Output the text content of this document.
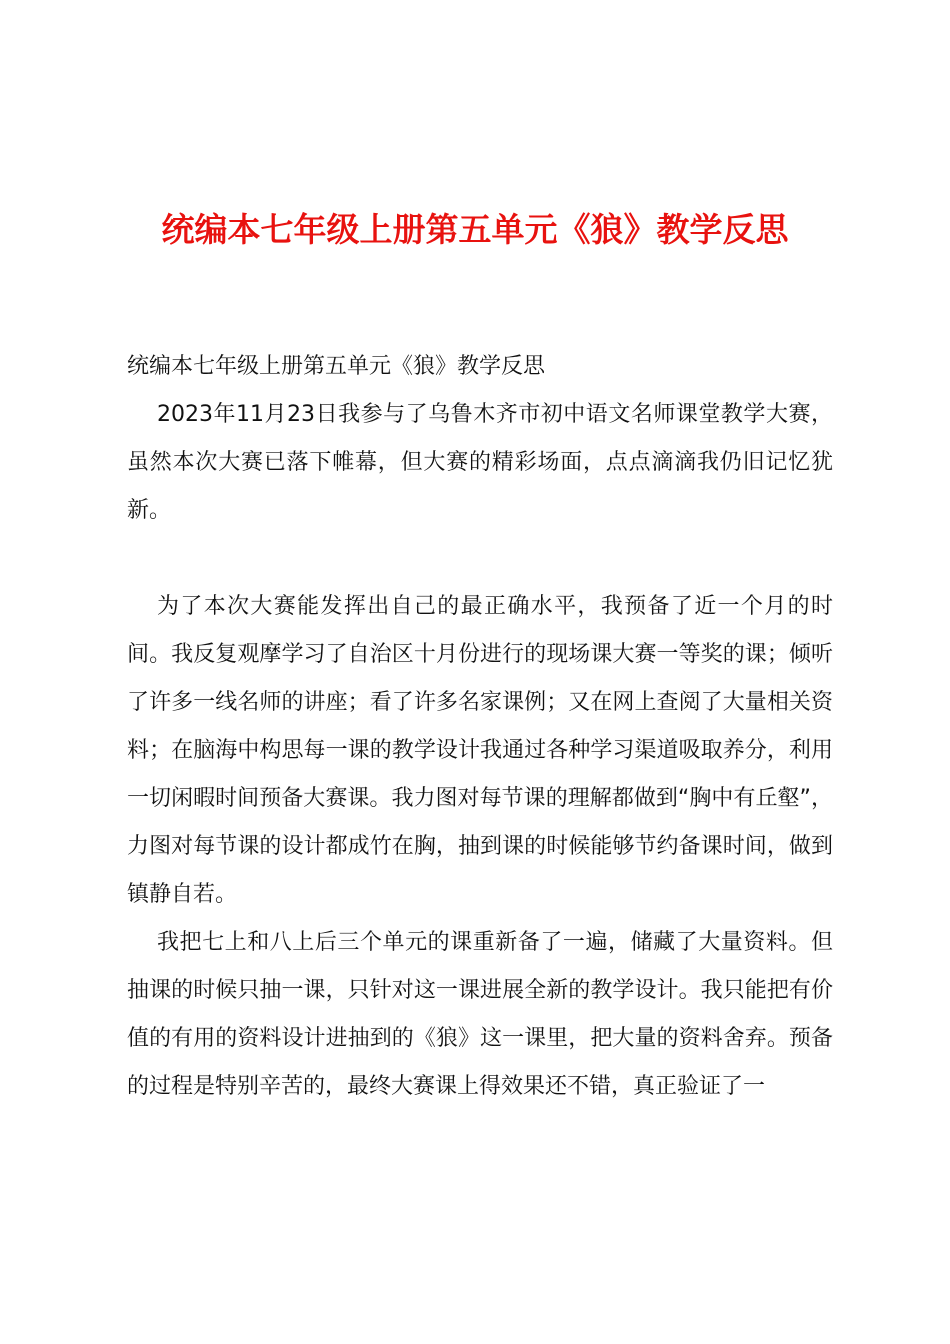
统编本七年级上册第五单元《狼》教学反思

统编本七年级上册第五单元《狼》教学反思

2023年11月23日我参与了乌鲁木齐市初中语文名师课堂教学大赛，虽然本次大赛已落下帷幕，但大赛的精彩场面，点点滴滴我仍旧记忆犹新。

为了本次大赛能发挥出自己的最正确水平，我预备了近一个月的时间。我反复观摩学习了自治区十月份进行的现场课大赛一等奖的课；倾听了许多一线名师的讲座；看了许多名家课例；又在网上查阅了大量相关资料；在脑海中构思每一课的教学设计我通过各种学习渠道吸取养分，利用一切闲暇时间预备大赛课。我力图对每节课的理解都做到“胸中有丘壑”，力图对每节课的设计都成竹在胸，抽到课的时候能够节约备课时间，做到镇静自若。

我把七上和八上后三个单元的课重新备了一遍，储藏了大量资料。但抽课的时候只抽一课，只针对这一课进展全新的教学设计。我只能把有价值的有用的资料设计进抽到的《狼》这一课里，把大量的资料舍弃。预备的过程是特别辛苦的，最终大赛课上得效果还不错，真正验证了一
